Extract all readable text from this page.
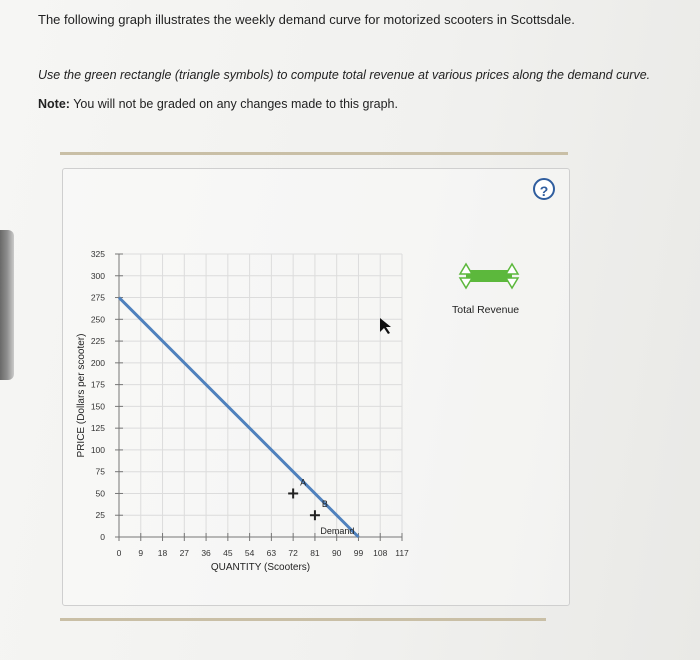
The following graph illustrates the weekly demand curve for motorized scooters in Scottsdale.
Use the green rectangle (triangle symbols) to compute total revenue at various prices along the demand curve.
Note: You will not be graded on any changes made to this graph.
?
0
25
50
75
100
125
150
175
200
225
250
275
300
325
0 9 18 27 36 45 54 63 72 81 90 99 108 117
Demand
A
B
QUANTITY (Scooters)
PRICE (Dollars per scooter)
Total Revenue
